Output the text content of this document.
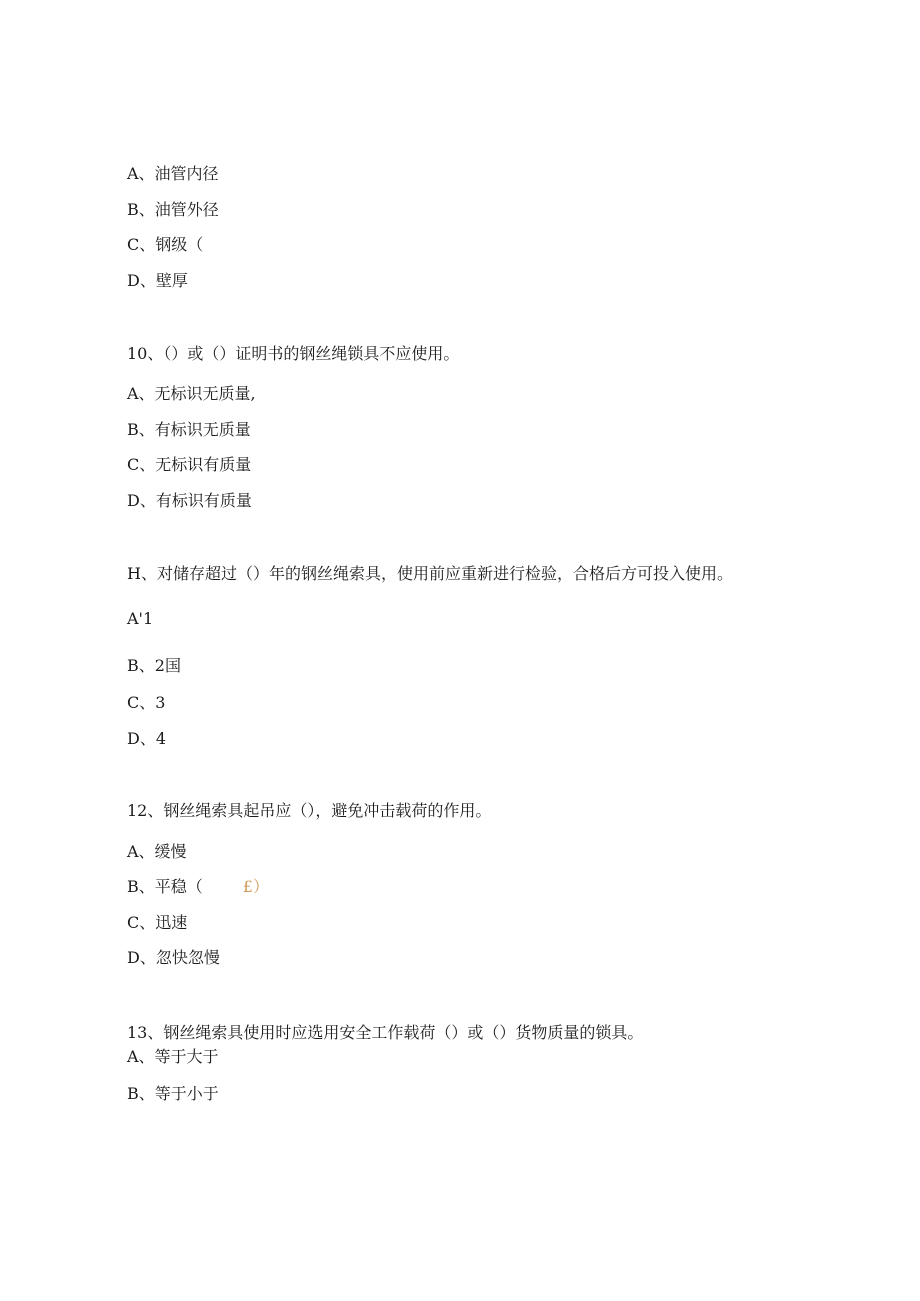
A、油管内径
B、油管外径
C、钢级（
D、壁厚
10、（）或（）证明书的钢丝绳锁具不应使用。
A、无标识无质量,
B、有标识无质量
C、无标识有质量
D、有标识有质量
H、对储存超过（）年的钢丝绳索具，使用前应重新进行检验，合格后方可投入使用。
A'1
B、2国
C、3
D、4
12、钢丝绳索具起吊应（），避免冲击载荷的作用。
A、缓慢
B、平稳（	£）
C、迅速
D、忽快忽慢
13、钢丝绳索具使用时应选用安全工作载荷（）或（）货物质量的锁具。
A、等于大于
B、等于小于
